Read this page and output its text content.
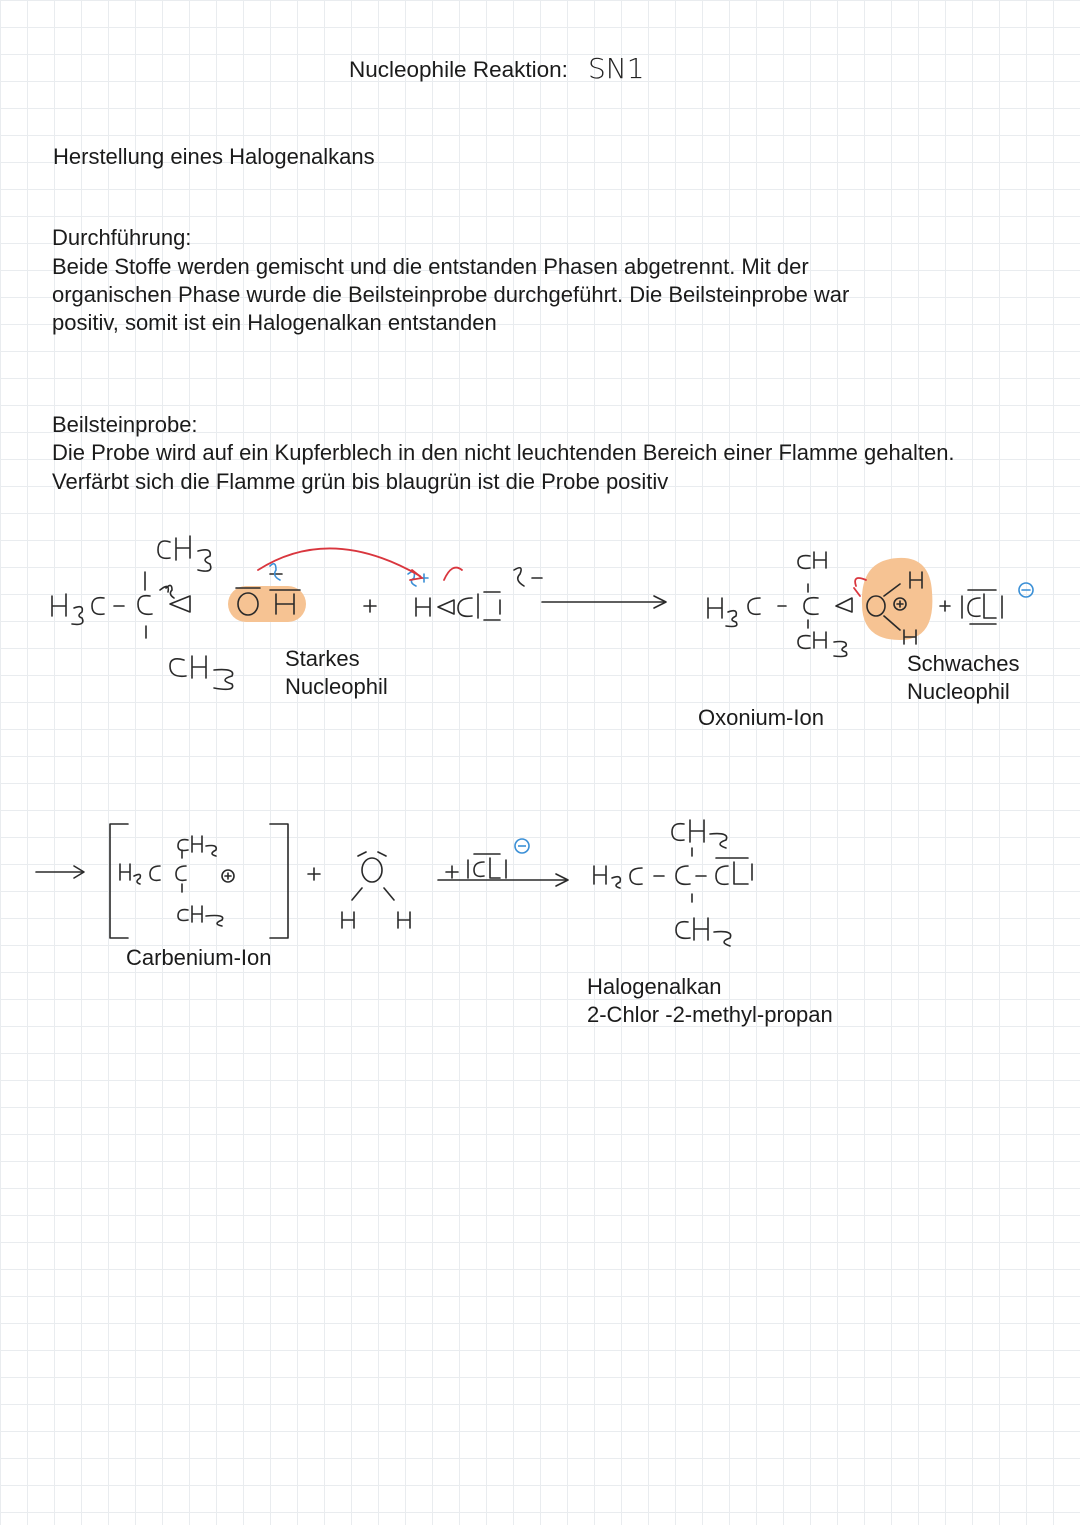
Nucleophile Reaktion: SN1
Herstellung eines Halogenalkans
Durchführung:
Beide Stoffe werden gemischt und die entstanden Phasen abgetrennt. Mit der
organischen Phase wurde die Beilsteinprobe durchgeführt. Die Beilsteinprobe war
positiv, somit ist ein Halogenalkan entstanden
Beilsteinprobe:
Die Probe wird auf ein Kupferblech in den nicht leuchtenden Bereich einer Flamme gehalten.
Verfärbt sich die Flamme grün bis blaugrün ist die Probe positiv
Starkes
Nucleophil
Schwaches
Nucleophil
Oxonium-Ion
Carbenium-Ion
Halogenalkan
2-Chlor -2-methyl-propan
